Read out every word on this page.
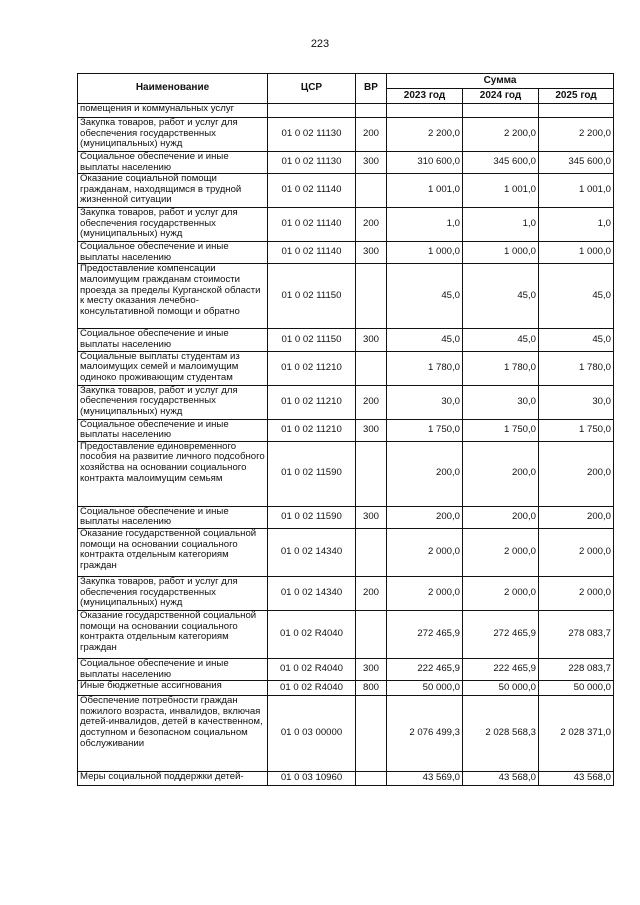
223
Наименование	ЦСР	ВР	Сумма		
			2023 год	2024 год	2025 год
помещения и коммунальных услуг					
Закупка товаров, работ и услуг для обеспечения государственных (муниципальных) нужд	01 0 02 11130	200	2 200,0	2 200,0	2 200,0
Социальное обеспечение и иные выплаты населению	01 0 02 11130	300	310 600,0	345 600,0	345 600,0
Оказание социальной помощи гражданам, находящимся в трудной жизненной ситуации	01 0 02 11140		1 001,0	1 001,0	1 001,0
Закупка товаров, работ и услуг для обеспечения государственных (муниципальных) нужд	01 0 02 11140	200	1,0	1,0	1,0
Социальное обеспечение и иные выплаты населению	01 0 02 11140	300	1 000,0	1 000,0	1 000,0
Предоставление компенсации малоимущим гражданам стоимости проезда за пределы Курганской области к месту оказания лечебно-консультативной помощи и обратно	01 0 02 11150		45,0	45,0	45,0
Социальное обеспечение и иные выплаты населению	01 0 02 11150	300	45,0	45,0	45,0
Социальные выплаты студентам из малоимущих семей и малоимущим одиноко проживающим студентам	01 0 02 11210		1 780,0	1 780,0	1 780,0
Закупка товаров, работ и услуг для обеспечения государственных (муниципальных) нужд	01 0 02 11210	200	30,0	30,0	30,0
Социальное обеспечение и иные выплаты населению	01 0 02 11210	300	1 750,0	1 750,0	1 750,0
Предоставление единовременного пособия на развитие личного подсобного хозяйства на основании социального контракта малоимущим семьям	01 0 02 11590		200,0	200,0	200,0
Социальное обеспечение и иные выплаты населению	01 0 02 11590	300	200,0	200,0	200,0
Оказание государственной социальной помощи на основании социального контракта отдельным категориям граждан	01 0 02 14340		2 000,0	2 000,0	2 000,0
Закупка товаров, работ и услуг для обеспечения государственных (муниципальных) нужд	01 0 02 14340	200	2 000,0	2 000,0	2 000,0
Оказание государственной социальной помощи на основании социального контракта отдельным категориям граждан	01 0 02 R4040		272 465,9	272 465,9	278 083,7
Социальное обеспечение и иные выплаты населению	01 0 02 R4040	300	222 465,9	222 465,9	228 083,7
Иные бюджетные ассигнования	01 0 02 R4040	800	50 000,0	50 000,0	50 000,0
Обеспечение потребности граждан пожилого возраста, инвалидов, включая детей-инвалидов, детей в качественном, доступном и безопасном социальном обслуживании	01 0 03 00000		2 076 499,3	2 028 568,3	2 028 371,0
Меры социальной поддержки детей-	01 0 03 10960		43 569,0	43 568,0	43 568,0
